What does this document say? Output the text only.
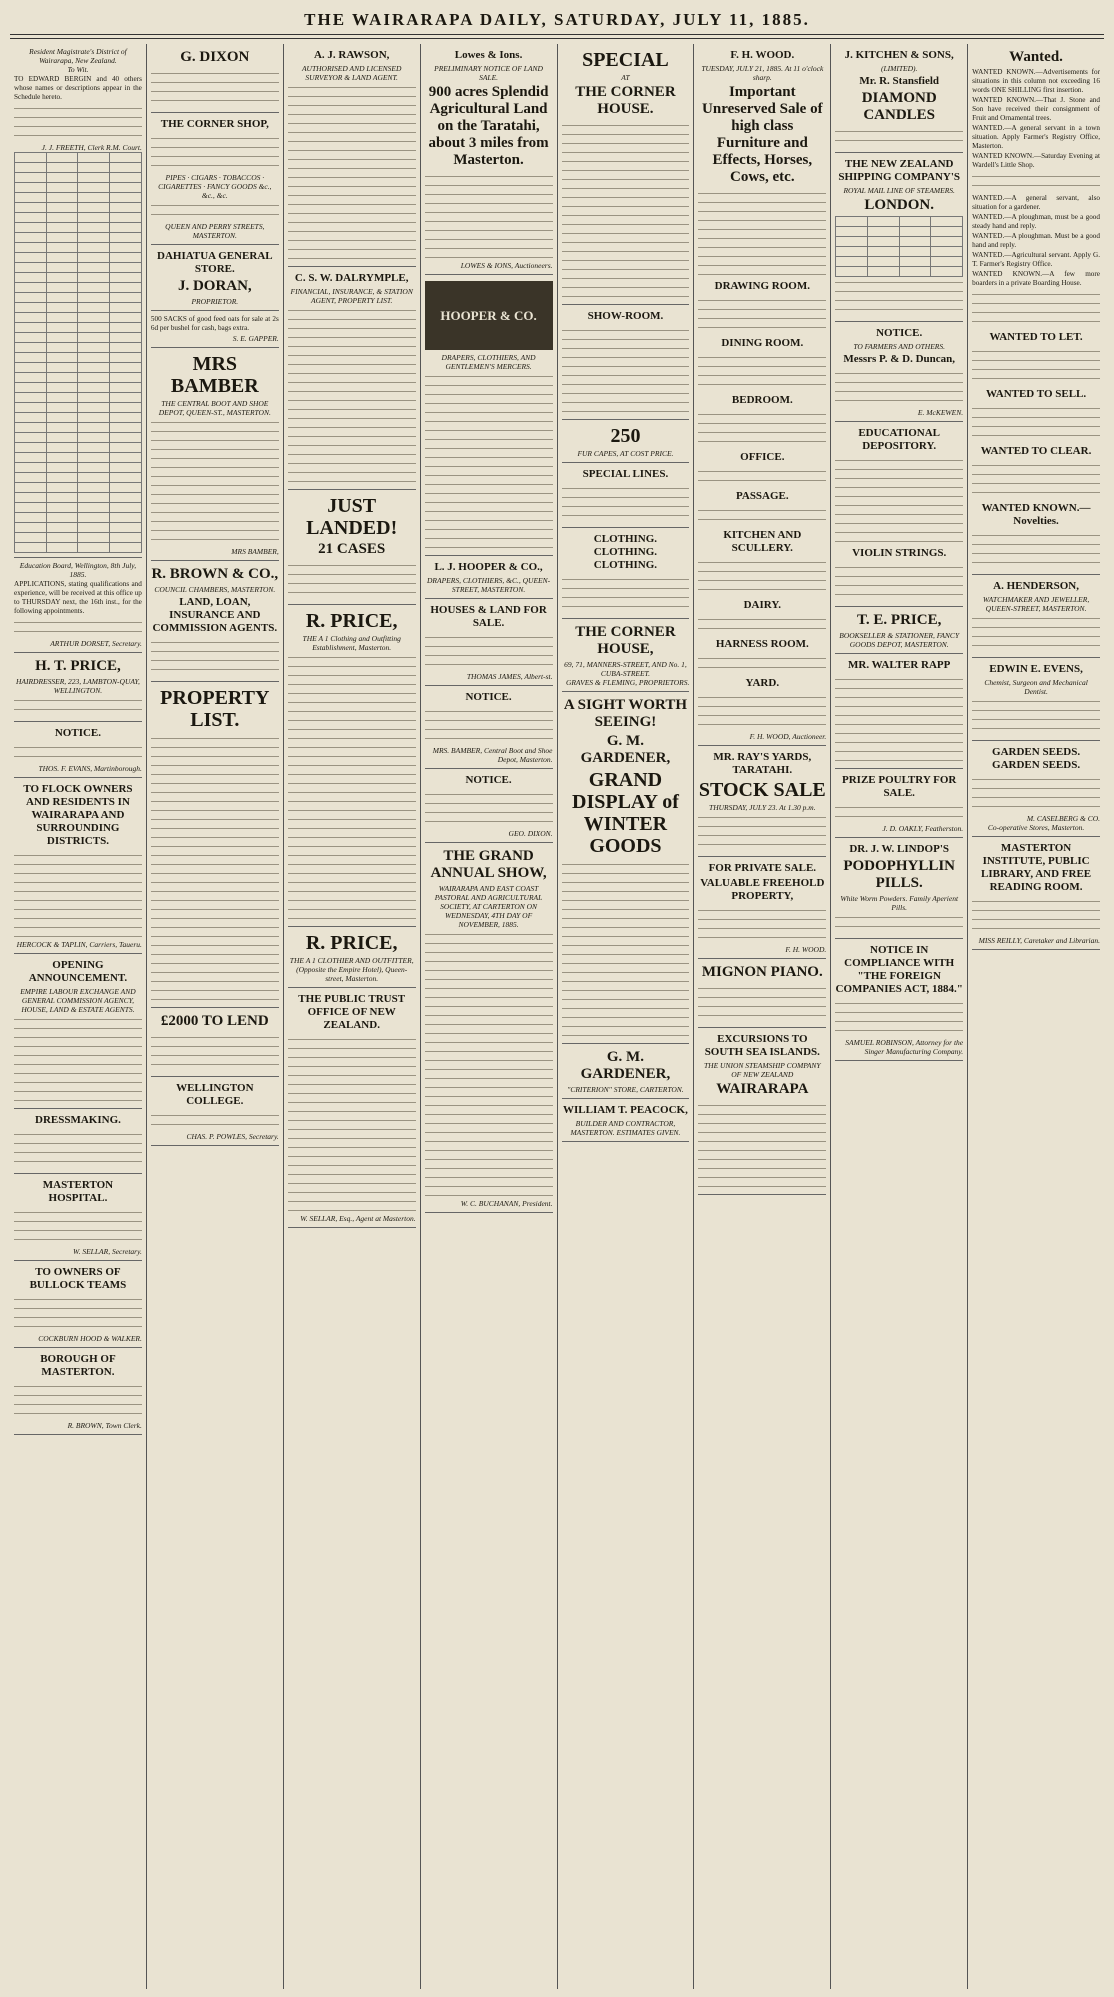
THE WAIRARAPA DAILY, SATURDAY, JULY 11, 1885.
Resident Magistrate's District of Wairarapa, New Zealand.
To Wit.
TO EDWARD BERGIN and 40 others whose names or descriptions appear in the Schedule hereto.
J. J. FREETH, Clerk R.M. Court.

Education Board, Wellington, 8th July, 1885.
APPLICATIONS, stating qualifications and experience, will be received at this office up to THURSDAY next, the 16th inst., for the following appointments.
ARTHUR DORSET, Secretary.
H. T. PRICE,
HAIRDRESSER, 223, LAMBTON-QUAY, WELLINGTON.
NOTICE.
THOS. F. EVANS, Martinborough.
TO FLOCK OWNERS AND RESIDENTS IN WAIRARAPA AND SURROUNDING DISTRICTS.
HERCOCK & TAPLIN, Carriers, Taueru.
OPENING ANNOUNCEMENT.
EMPIRE LABOUR EXCHANGE AND GENERAL COMMISSION AGENCY, HOUSE, LAND & ESTATE AGENTS.
DRESSMAKING.
MASTERTON HOSPITAL.
W. SELLAR, Secretary.
TO OWNERS OF BULLOCK TEAMS
COCKBURN HOOD & WALKER.
BOROUGH OF MASTERTON.
R. BROWN, Town Clerk.
G. DIXON
THE CORNER SHOP,
PIPES · CIGARS · TOBACCOS · CIGARETTES · FANCY GOODS &c., &c., &c.
QUEEN AND PERRY STREETS, MASTERTON.
DAHIATUA GENERAL STORE.
J. DORAN,
PROPRIETOR.
500 SACKS of good feed oats for sale at 2s 6d per bushel for cash, bags extra.
S. E. GAPPER.
MRS BAMBER
THE CENTRAL BOOT AND SHOE DEPOT, QUEEN-ST., MASTERTON.
MRS BAMBER,
R. BROWN & CO.,
COUNCIL CHAMBERS, MASTERTON.
LAND, LOAN, INSURANCE AND COMMISSION AGENTS.
PROPERTY LIST.
£2000 TO LEND
WELLINGTON COLLEGE.
CHAS. P. POWLES, Secretary.
A. J. RAWSON,
AUTHORISED AND LICENSED SURVEYOR & LAND AGENT.
C. S. W. DALRYMPLE,
FINANCIAL, INSURANCE, & STATION AGENT, PROPERTY LIST.
JUST LANDED!
21 CASES
R. PRICE,
THE A 1 Clothing and Outfitting Establishment, Masterton.
R. PRICE,
THE A 1 CLOTHIER AND OUTFITTER, (Opposite the Empire Hotel), Queen-street, Masterton.
THE PUBLIC TRUST OFFICE OF NEW ZEALAND.
W. SELLAR, Esq., Agent at Masterton.
Lowes & Ions.
PRELIMINARY NOTICE OF LAND SALE.
900 acres Splendid Agricultural Land on the Taratahi, about 3 miles from Masterton.
LOWES & IONS, Auctioneers.
HOOPER & CO.
DRAPERS, CLOTHIERS, AND GENTLEMEN'S MERCERS.
L. J. HOOPER & CO.,
DRAPERS, CLOTHIERS, &C., QUEEN-STREET, MASTERTON.
HOUSES & LAND FOR SALE.
THOMAS JAMES, Albert-st.
NOTICE.
MRS. BAMBER, Central Boot and Shoe Depot, Masterton.
NOTICE.
GEO. DIXON.
THE GRAND ANNUAL SHOW,
WAIRARAPA AND EAST COAST PASTORAL AND AGRICULTURAL SOCIETY, AT CARTERTON ON WEDNESDAY, 4TH DAY OF NOVEMBER, 1885.
W. C. BUCHANAN, President.
SPECIAL
AT
THE CORNER HOUSE.
SHOW-ROOM.
250
FUR CAPES, AT COST PRICE.
SPECIAL LINES.
CLOTHING. CLOTHING. CLOTHING.
THE CORNER HOUSE,
69, 71, MANNERS-STREET, AND No. 1, CUBA-STREET.
GRAVES & FLEMING, PROPRIETORS.
A SIGHT WORTH SEEING!
G. M. GARDENER,
GRAND DISPLAY of WINTER GOODS
G. M. GARDENER,
"CRITERION" STORE, CARTERTON.
WILLIAM T. PEACOCK,
BUILDER AND CONTRACTOR, MASTERTON. ESTIMATES GIVEN.
F. H. WOOD.
TUESDAY, JULY 21, 1885. At 11 o'clock sharp.
Important Unreserved Sale of high class Furniture and Effects, Horses, Cows, etc.
DRAWING ROOM.
DINING ROOM.
BEDROOM.
OFFICE.
PASSAGE.
KITCHEN AND SCULLERY.
DAIRY.
HARNESS ROOM.
YARD.
F. H. WOOD, Auctioneer.
MR. RAY'S YARDS, TARATAHI.
STOCK SALE
THURSDAY, JULY 23. At 1.30 p.m.
FOR PRIVATE SALE.
VALUABLE FREEHOLD PROPERTY,
F. H. WOOD.
MIGNON PIANO.
EXCURSIONS TO SOUTH SEA ISLANDS.
THE UNION STEAMSHIP COMPANY OF NEW ZEALAND
WAIRARAPA
J. KITCHEN & SONS,
(LIMITED).
Mr. R. Stansfield
DIAMOND CANDLES
THE NEW ZEALAND SHIPPING COMPANY'S
ROYAL MAIL LINE OF STEAMERS.
LONDON.

NOTICE.
TO FARMERS AND OTHERS.
Messrs P. & D. Duncan,
E. McKEWEN.
EDUCATIONAL DEPOSITORY.
VIOLIN STRINGS.
T. E. PRICE,
BOOKSELLER & STATIONER, FANCY GOODS DEPOT, MASTERTON.
MR. WALTER RAPP
PRIZE POULTRY FOR SALE.
J. D. OAKLY, Featherston.
DR. J. W. LINDOP'S
PODOPHYLLIN PILLS.
White Worm Powders. Family Aperient Pills.
NOTICE IN COMPLIANCE WITH "THE FOREIGN COMPANIES ACT, 1884."
SAMUEL ROBINSON, Attorney for the Singer Manufacturing Company.
Wanted.
WANTED KNOWN.—Advertisements for situations in this column not exceeding 16 words ONE SHILLING first insertion.
WANTED KNOWN.—That J. Stone and Son have received their consignment of Fruit and Ornamental trees.
WANTED.—A general servant in a town situation. Apply Farmer's Registry Office, Masterton.
WANTED KNOWN.—Saturday Evening at Wardell's Little Shop.
WANTED.—A general servant, also situation for a gardener.
WANTED.—A ploughman, must be a good steady hand and reply.
WANTED.—A ploughman. Must be a good hand and reply.
WANTED.—Agricultural servant. Apply G. T. Farmer's Registry Office.
WANTED KNOWN.—A few more boarders in a private Boarding House.
WANTED TO LET.
WANTED TO SELL.
WANTED TO CLEAR.
WANTED KNOWN.—Novelties.
A. HENDERSON,
WATCHMAKER AND JEWELLER, QUEEN-STREET, MASTERTON.
EDWIN E. EVENS,
Chemist, Surgeon and Mechanical Dentist.
GARDEN SEEDS. GARDEN SEEDS.
M. CASELBERG & CO.
Co-operative Stores, Masterton.
MASTERTON INSTITUTE, PUBLIC LIBRARY, AND FREE READING ROOM.
MISS REILLY, Caretaker and Librarian.
